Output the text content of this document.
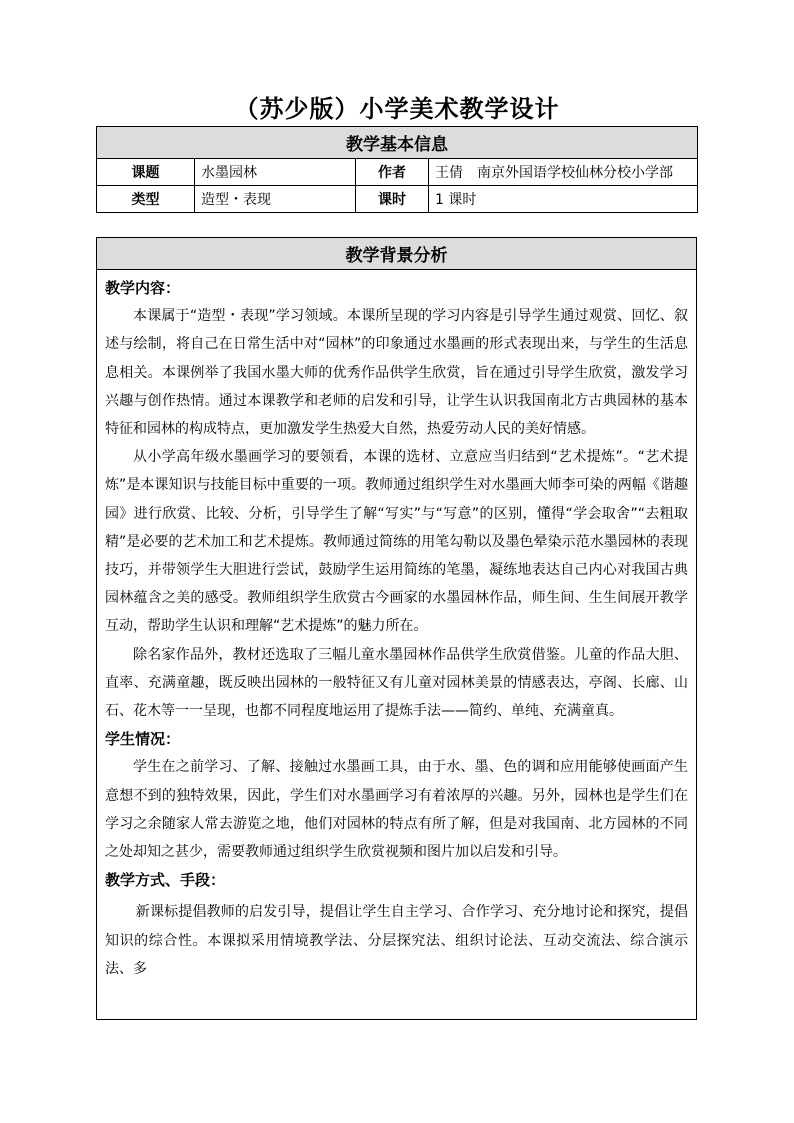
（苏少版）小学美术教学设计
教学基本信息			
课题	水墨园林	作者	王倩　南京外国语学校仙林分校小学部
类型	造型・表现	课时	1 课时
教学背景分析

教学内容：

本课属于“造型・表现”学习领域。本课所呈现的学习内容是引导学生通过观赏、回忆、叙述与绘制，将自己在日常生活中对“园林”的印象通过水墨画的形式表现出来，与学生的生活息息相关。本课例举了我国水墨大师的优秀作品供学生欣赏，旨在通过引导学生欣赏，激发学习兴趣与创作热情。通过本课教学和老师的启发和引导，让学生认识我国南北方古典园林的基本特征和园林的构成特点，更加激发学生热爱大自然，热爱劳动人民的美好情感。

从小学高年级水墨画学习的要领看，本课的选材、立意应当归结到“艺术提炼”。“艺术提炼”是本课知识与技能目标中重要的一项。教师通过组织学生对水墨画大师李可染的两幅《谐趣园》进行欣赏、比较、分析，引导学生了解“写实”与“写意”的区别，懂得“学会取舍”“去粗取精”是必要的艺术加工和艺术提炼。教师通过简练的用笔勾勒以及墨色晕染示范水墨园林的表现技巧，并带领学生大胆进行尝试，鼓励学生运用简练的笔墨，凝练地表达自己内心对我国古典园林蕴含之美的感受。教师组织学生欣赏古今画家的水墨园林作品，师生间、生生间展开教学互动，帮助学生认识和理解“艺术提炼”的魅力所在。

除名家作品外，教材还选取了三幅儿童水墨园林作品供学生欣赏借鉴。儿童的作品大胆、直率、充满童趣，既反映出园林的一般特征又有儿童对园林美景的情感表达，亭阁、长廊、山石、花木等一一呈现，也都不同程度地运用了提炼手法——简约、单纯、充满童真。

学生情况：

学生在之前学习、了解、接触过水墨画工具，由于水、墨、色的调和应用能够使画面产生意想不到的独特效果，因此，学生们对水墨画学习有着浓厚的兴趣。另外，园林也是学生们在学习之余随家人常去游览之地，他们对园林的特点有所了解，但是对我国南、北方园林的不同之处却知之甚少，需要教师通过组织学生欣赏视频和图片加以启发和引导。

教学方式、手段：

新课标提倡教师的启发引导，提倡让学生自主学习、合作学习、充分地讨论和探究，提倡知识的综合性。本课拟采用情境教学法、分层探究法、组织讨论法、互动交流法、综合演示法、多
